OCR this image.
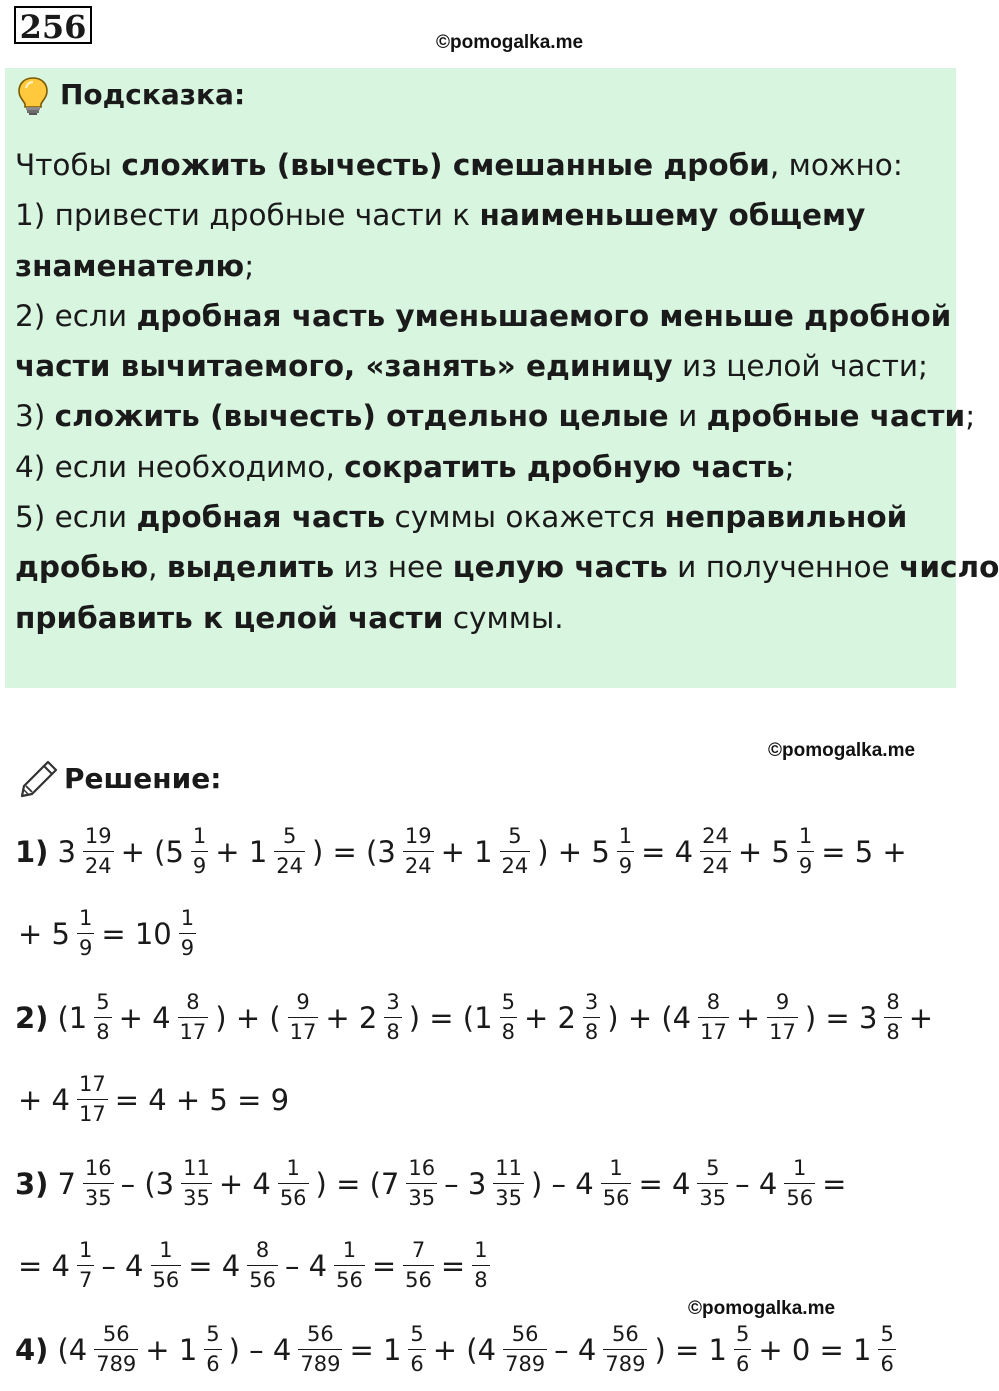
256	©pomogalka.me
Подсказка:
Чтобы сложить (вычесть) смешанные дроби, можно:
1) привести дробные части к наименьшему общему
знаменателю;
2) если дробная часть уменьшаемого меньше дробной
части вычитаемого, «занять» единицу из целой части;
3) сложить (вычесть) отдельно целые и дробные части;
4) если необходимо, сократить дробную часть;
5) если дробная часть суммы окажется неправильной
дробью, выделить из нее целую часть и полученное число
прибавить к целой части суммы.
©pomogalka.me
Решение:
1) $3 \frac{19}{24} + (5 \frac{1}{9} + 1 \frac{5}{24}$ ) = ($3 \frac{19}{24} + 1 \frac{5}{24}$ ) + $5 \frac{1}{9} = 4 \frac{24}{24} + 5 \frac{1}{9} = 5$ +
+ $5 \frac{1}{9} = 10 \frac{1}{9}$
2) ($1 \frac{5}{8} + 4 \frac{8}{17}$ ) + ( $\frac{9}{17} + 2 \frac{3}{8}$ ) = ($1 \frac{5}{8} + 2 \frac{3}{8}$ ) + ($4 \frac{8}{17} + \frac{9}{17}$ ) = $3 \frac{8}{8}$ +
+ $4 \frac{17}{17} = 4 + 5 = 9$
3) $7 \frac{16}{35} - (3 \frac{11}{35} + 4 \frac{1}{56}$ ) = ($7 \frac{16}{35} - 3 \frac{11}{35}$ ) – $4 \frac{1}{56} = 4 \frac{5}{35} - 4 \frac{1}{56}$ =
= $4 \frac{1}{7} - 4 \frac{1}{56} = 4 \frac{8}{56} - 4 \frac{1}{56} = \frac{7}{56} = \frac{1}{8}$
©pomogalka.me
4) ($4 \frac{56}{789} + 1 \frac{5}{6}$ ) – $4 \frac{56}{789} = 1 \frac{5}{6} + (4 \frac{56}{789} - 4 \frac{56}{789}$ ) = $1 \frac{5}{6} + 0 = 1 \frac{5}{6}$
